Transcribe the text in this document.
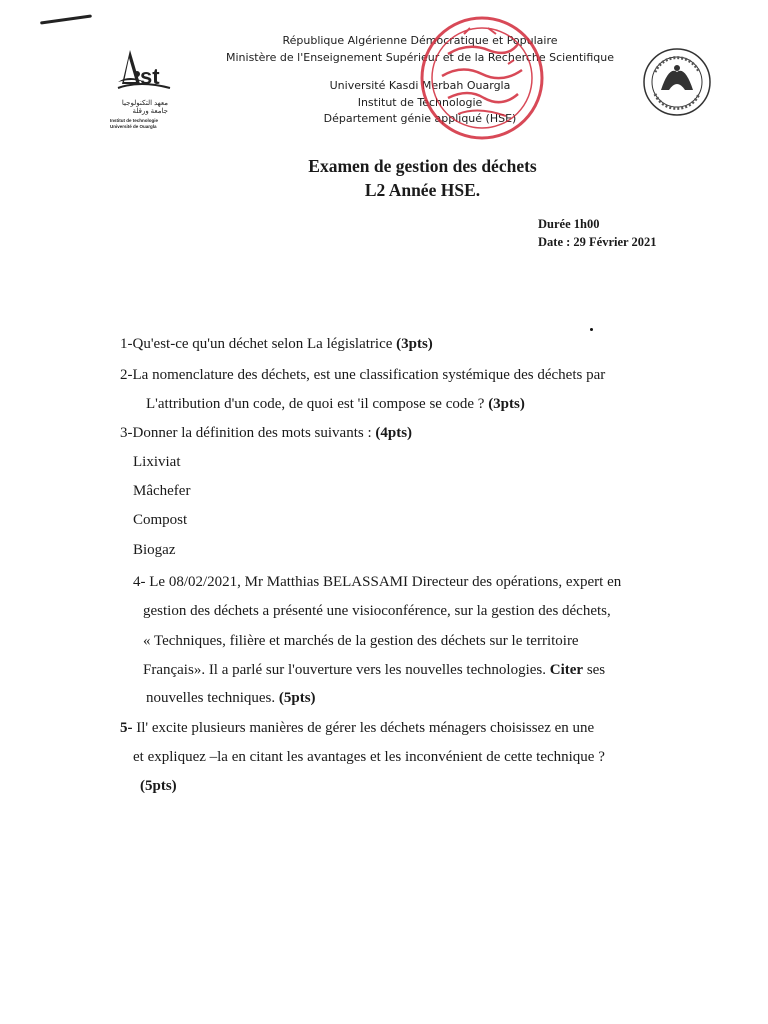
st
معهد التكنولوجيا جامعة ورقلة
Institut de technologie
Université de Ouargla
République Algérienne Démocratique et Populaire
Ministère de l'Enseignement Supérieur et de la Recherche Scientifique
Université Kasdi Merbah Ouargla
Institut de Technologie
Département génie appliqué (HSE)
Examen de gestion des déchets
L2 Année HSE.
Durée 1h00
Date : 29 Février 2021
1-Qu'est-ce qu'un déchet selon La législatrice (3pts)
2-La nomenclature des déchets, est une classification systémique des déchets par
L'attribution d'un code, de quoi est 'il compose se code ? (3pts)
3-Donner la définition des mots suivants : (4pts)
Lixiviat
Mâchefer
Compost
Biogaz
4- Le 08/02/2021, Mr Matthias BELASSAMI Directeur des opérations, expert en
gestion des déchets a présenté une visioconférence, sur la gestion des déchets,
« Techniques, filière et marchés de la gestion des déchets sur le territoire
Français». Il a parlé sur l'ouverture vers les nouvelles technologies. Citer ses
nouvelles techniques. (5pts)
5- Il' excite plusieurs manières de gérer les déchets ménagers choisissez en une
et expliquez –la en citant les avantages et les inconvénient de cette technique ?
(5pts)
